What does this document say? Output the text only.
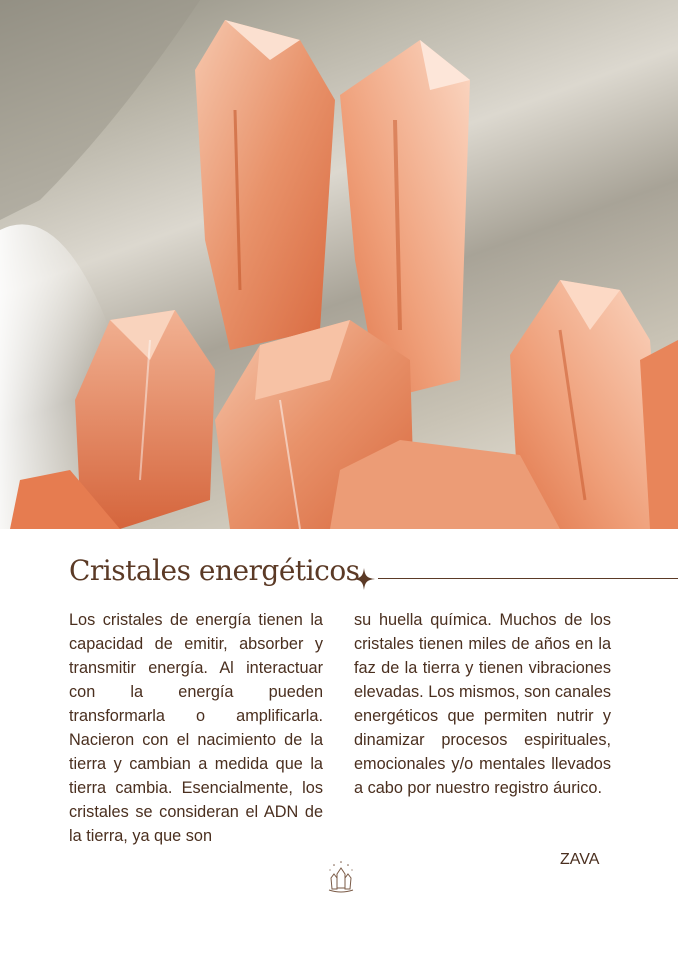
Cristales energéticos
Los cristales de energía tienen la capacidad de emitir, absorber y transmitir energía. Al interactuar con la energía pueden transformarla o amplificarla. Nacieron con el nacimiento de la tierra y cambian a medida que la tierra cambia. Esencialmente, los cristales se consideran el ADN de la tierra, ya que son
su huella química. Muchos de los cristales tienen miles de años en la faz de la tierra y tienen vibraciones elevadas. Los mismos, son canales energéticos que permiten nutrir y dinamizar procesos espirituales, emocionales y/o mentales llevados a cabo por nuestro registro áurico.
ZAVA
